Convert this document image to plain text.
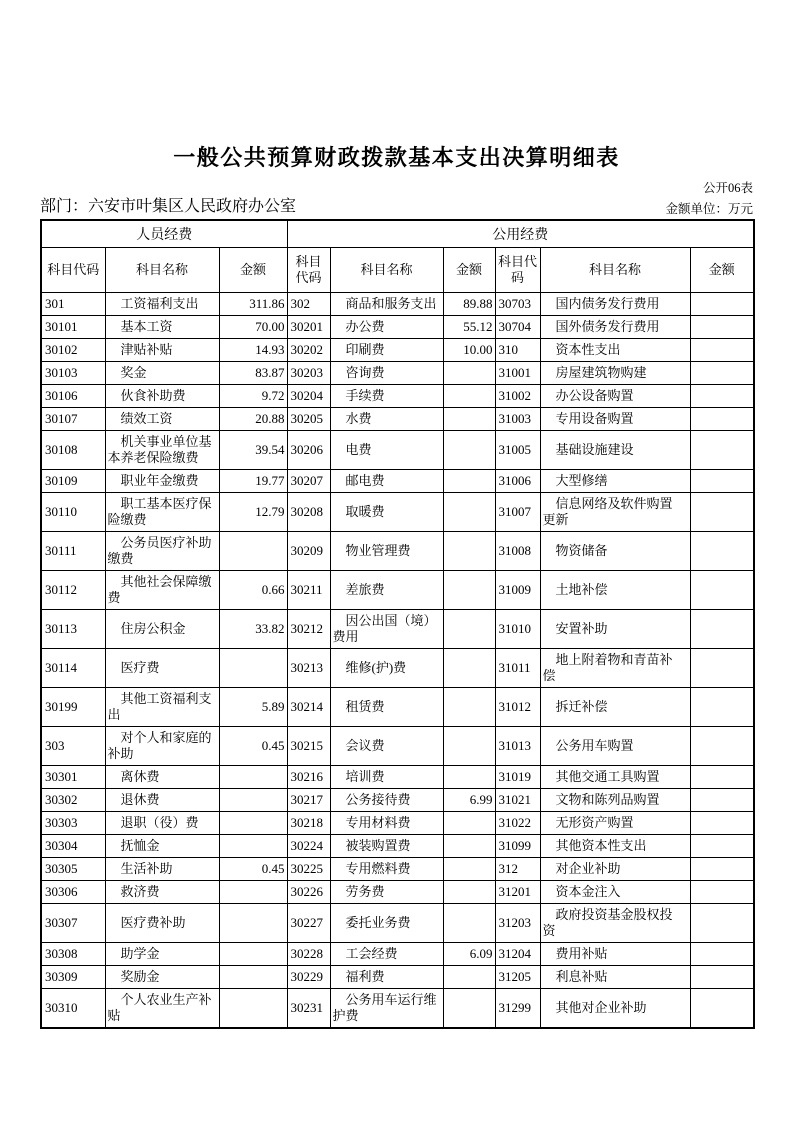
一般公共预算财政拨款基本支出决算明细表
公开06表
部门：六安市叶集区人民政府办公室	金额单位：万元
人员经费			公用经费					
科目代码	科目名称	金额	科目代码	科目名称	金额	科目代码	科目名称	金额
301	工资福利支出	311.86	302	商品和服务支出	89.88	30703	国内债务发行费用	
30101	基本工资	70.00	30201	办公费	55.12	30704	国外债务发行费用	
30102	津贴补贴	14.93	30202	印刷费	10.00	310	资本性支出	
30103	奖金	83.87	30203	咨询费		31001	房屋建筑物购建	
30106	伙食补助费	9.72	30204	手续费		31002	办公设备购置	
30107	绩效工资	20.88	30205	水费		31003	专用设备购置	
30108	机关事业单位基本养老保险缴费	39.54	30206	电费		31005	基础设施建设	
30109	职业年金缴费	19.77	30207	邮电费		31006	大型修缮	
30110	职工基本医疗保险缴费	12.79	30208	取暖费		31007	信息网络及软件购置更新	
30111	公务员医疗补助缴费		30209	物业管理费		31008	物资储备	
30112	其他社会保障缴费	0.66	30211	差旅费		31009	土地补偿	
30113	住房公积金	33.82	30212	因公出国（境）费用		31010	安置补助	
30114	医疗费		30213	维修(护)费		31011	地上附着物和青苗补偿	
30199	其他工资福利支出	5.89	30214	租赁费		31012	拆迁补偿	
303	对个人和家庭的补助	0.45	30215	会议费		31013	公务用车购置	
30301	离休费		30216	培训费		31019	其他交通工具购置	
30302	退休费		30217	公务接待费	6.99	31021	文物和陈列品购置	
30303	退职（役）费		30218	专用材料费		31022	无形资产购置	
30304	抚恤金		30224	被装购置费		31099	其他资本性支出	
30305	生活补助	0.45	30225	专用燃料费		312	对企业补助	
30306	救济费		30226	劳务费		31201	资本金注入	
30307	医疗费补助		30227	委托业务费		31203	政府投资基金股权投资	
30308	助学金		30228	工会经费	6.09	31204	费用补贴	
30309	奖励金		30229	福利费		31205	利息补贴	
30310	个人农业生产补贴		30231	公务用车运行维护费		31299	其他对企业补助	
